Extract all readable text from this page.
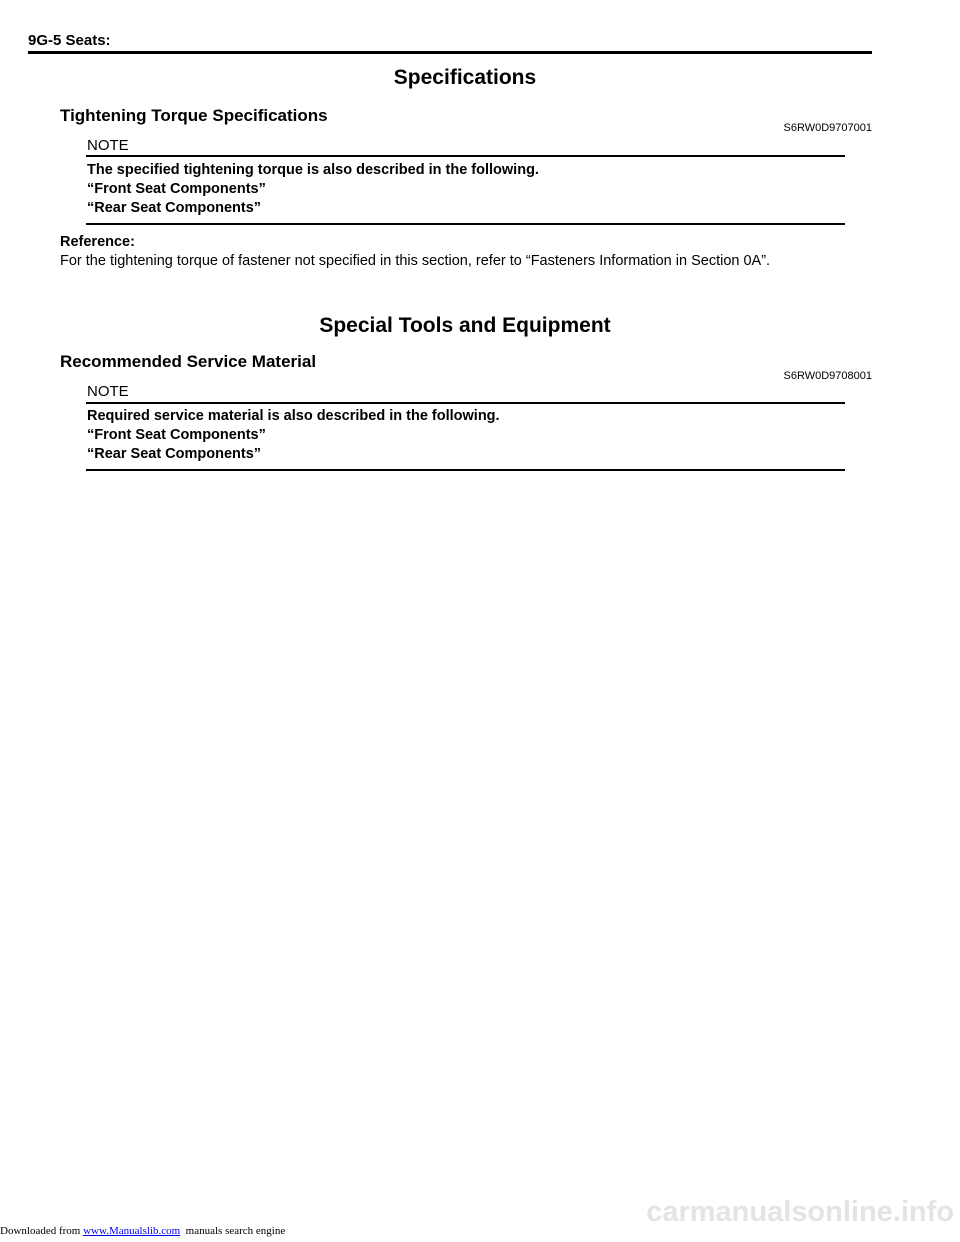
9G-5 Seats:
Specifications
Tightening Torque Specifications
S6RW0D9707001
NOTE
The specified tightening torque is also described in the following.
“Front Seat Components”
“Rear Seat Components”
Reference:
For the tightening torque of fastener not specified in this section, refer to “Fasteners Information in Section 0A”.
Special Tools and Equipment
Recommended Service Material
S6RW0D9708001
NOTE
Required service material is also described in the following.
“Front Seat Components”
“Rear Seat Components”
carmanualsonline.info
Downloaded from www.Manualslib.com  manuals search engine
